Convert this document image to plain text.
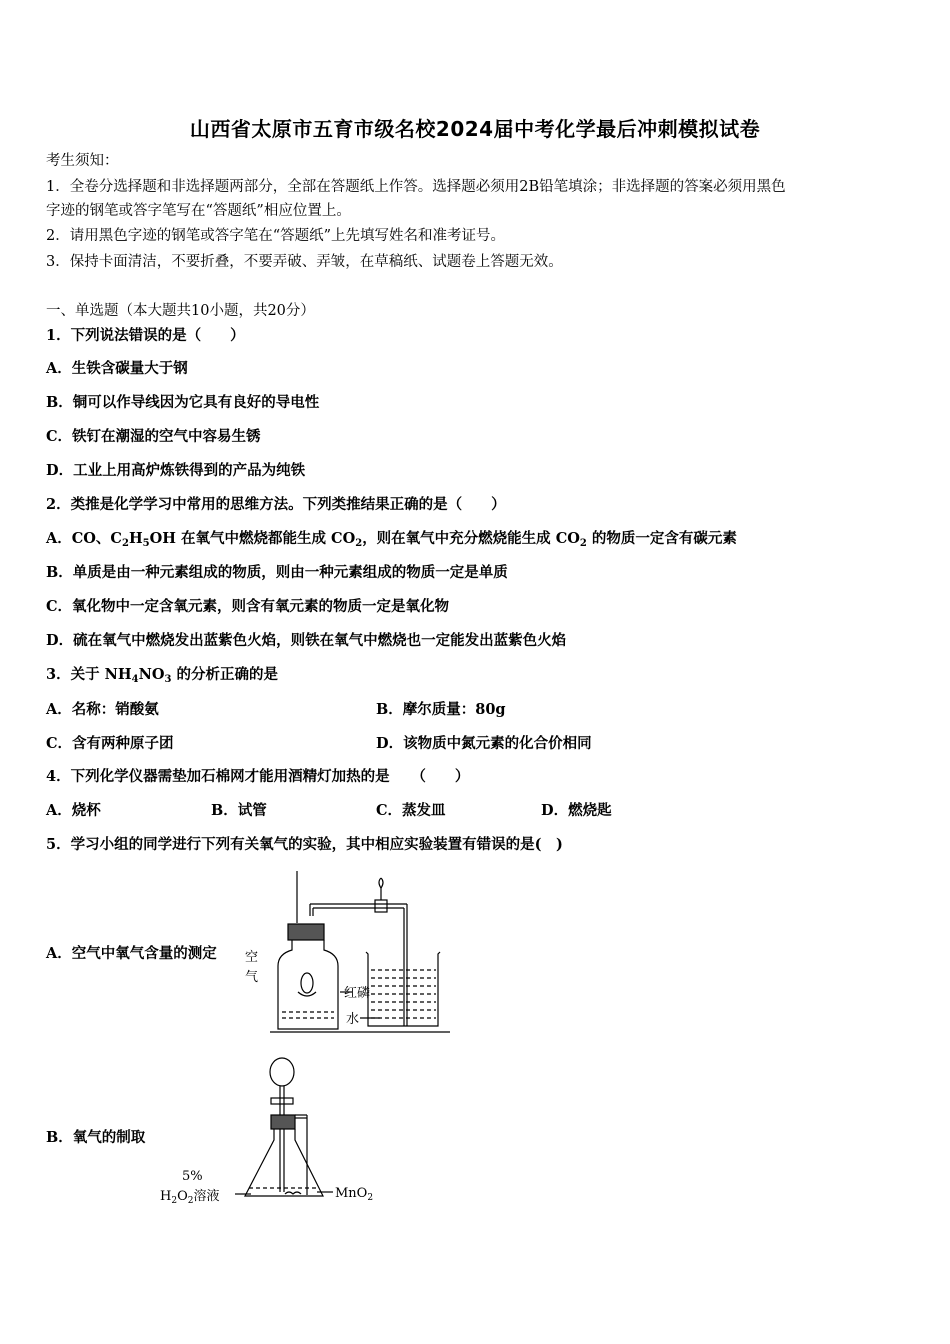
山西省太原市五育市级名校2024届中考化学最后冲刺模拟试卷
考生须知：
1．全卷分选择题和非选择题两部分，全部在答题纸上作答。选择题必须用2B铅笔填涂；非选择题的答案必须用黑色
字迹的钢笔或答字笔写在“答题纸”相应位置上。
2．请用黑色字迹的钢笔或答字笔在“答题纸”上先填写姓名和准考证号。
3．保持卡面清洁，不要折叠，不要弄破、弄皱，在草稿纸、试题卷上答题无效。
一、单选题（本大题共10小题，共20分）
1．下列说法错误的是（　　）
A．生铁含碳量大于钢
B．铜可以作导线因为它具有良好的导电性
C．铁钉在潮湿的空气中容易生锈
D．工业上用高炉炼铁得到的产品为纯铁
2．类推是化学学习中常用的思维方法。下列类推结果正确的是（　　）
A．CO、$C_2H_5OH$ 在氧气中燃烧都能生成 $CO_2$，则在氧气中充分燃烧能生成 $CO_2$ 的物质一定含有碳元素
B．单质是由一种元素组成的物质，则由一种元素组成的物质一定是单质
C．氧化物中一定含氧元素，则含有氧元素的物质一定是氧化物
D．硫在氧气中燃烧发出蓝紫色火焰，则铁在氧气中燃烧也一定能发出蓝紫色火焰
3．关于 $NH_4NO_3$ 的分析正确的是
A．名称：销酸氨	B．摩尔质量：80g
C．含有两种原子团	D．该物质中氮元素的化合价相同
4．下列化学仪器需垫加石棉网才能用酒精灯加热的是　　（　　）
A．烧杯	B．试管	C．蒸发皿	D．燃烧匙
5．学习小组的同学进行下列有关氧气的实验，其中相应实验装置有错误的是(　)
A．空气中氧气含量的测定
B．氧气的制取
空
气
红磷
水
5%
$H_2O_2$溶液	MnO$_2$
